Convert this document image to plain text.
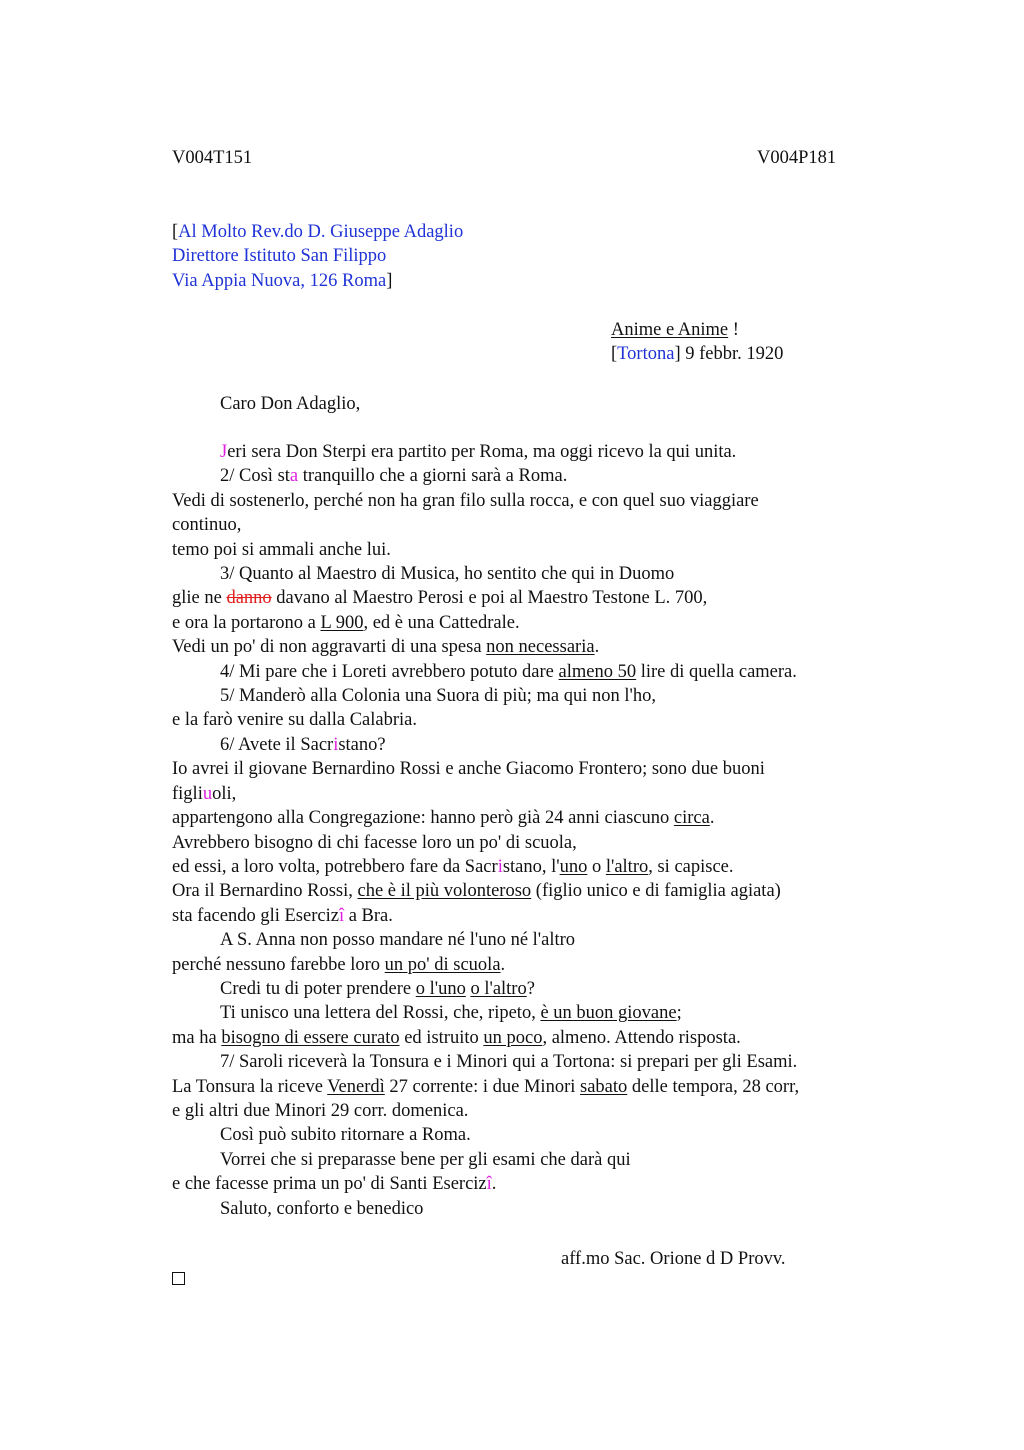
V004T151	V004P181
[Al Molto Rev.do D. Giuseppe Adaglio
Direttore Istituto San Filippo
Via Appia Nuova, 126 Roma]
Anime e Anime !
[Tortona] 9 febbr. 1920
Caro Don Adaglio,
Jeri sera Don Sterpi era partito per Roma, ma oggi ricevo la qui unita.
2/ Così sta tranquillo che a giorni sarà a Roma.
Vedi di sostenerlo, perché non ha gran filo sulla rocca, e con quel suo viaggiare
continuo,
temo poi si ammali anche lui.
3/ Quanto al Maestro di Musica, ho sentito che qui in Duomo
glie ne danno davano al Maestro Perosi e poi al Maestro Testone L. 700,
e ora la portarono a L 900, ed è una Cattedrale.
Vedi un po' di non aggravarti di una spesa non necessaria.
4/ Mi pare che i Loreti avrebbero potuto dare almeno 50 lire di quella camera.
5/ Manderò alla Colonia una Suora di più; ma qui non l'ho,
e la farò venire su dalla Calabria.
6/ Avete il Sacristano?
Io avrei il giovane Bernardino Rossi e anche Giacomo Frontero; sono due buoni
figliuoli,
appartengono alla Congregazione: hanno però già 24 anni ciascuno circa.
Avrebbero bisogno di chi facesse loro un po' di scuola,
ed essi, a loro volta, potrebbero fare da Sacristano, l'uno o l'altro, si capisce.
Ora il Bernardino Rossi, che è il più volonteroso (figlio unico e di famiglia agiata)
sta facendo gli Esercizî a Bra.
A S. Anna non posso mandare né l'uno né l'altro
perché nessuno farebbe loro un po' di scuola.
Credi tu di poter prendere o l'uno o l'altro?
Ti unisco una lettera del Rossi, che, ripeto, è un buon giovane;
ma ha bisogno di essere curato ed istruito un poco, almeno. Attendo risposta.
7/ Saroli riceverà la Tonsura e i Minori qui a Tortona: si prepari per gli Esami.
La Tonsura la riceve Venerdì 27 corrente: i due Minori sabato delle tempora, 28 corr,
e gli altri due Minori 29 corr. domenica.
Così può subito ritornare a Roma.
Vorrei che si preparasse bene per gli esami che darà qui
e che facesse prima un po' di Santi Esercizî.
Saluto, conforto e benedico
aff.mo Sac. Orione d D Provv.
